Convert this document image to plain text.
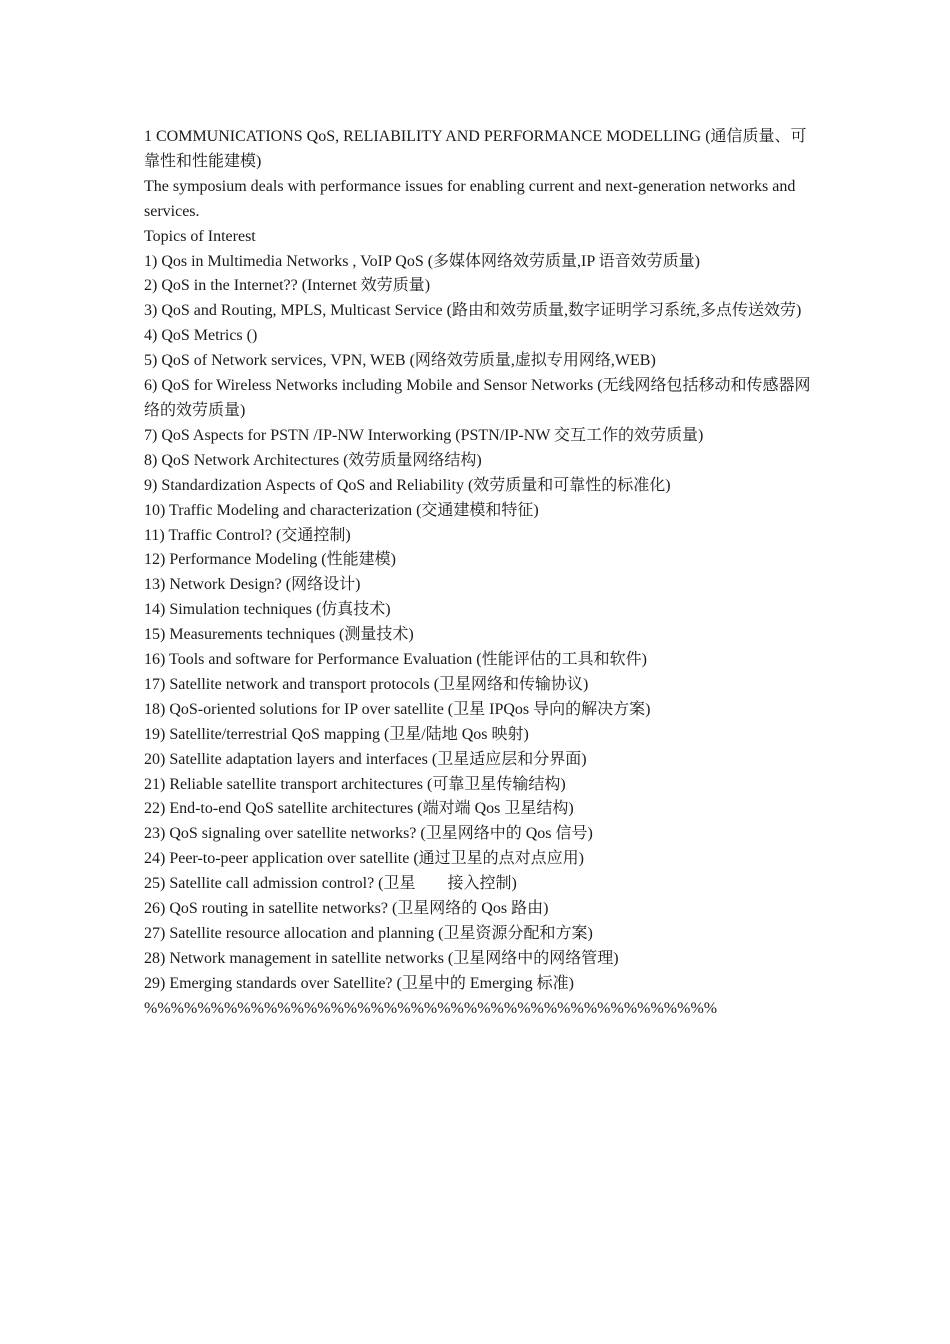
1 COMMUNICATIONS QoS, RELIABILITY AND PERFORMANCE MODELLING (通信质量、可靠性和性能建模)

The symposium deals with performance issues for enabling current and next-generation networks and services.

Topics of Interest

1) Qos in Multimedia Networks , VoIP QoS (多媒体网络效劳质量,IP 语音效劳质量)
2) QoS in the Internet?? (Internet 效劳质量)
3) QoS and Routing, MPLS, Multicast Service (路由和效劳质量,数字证明学习系统,多点传送效劳)
4) QoS Metrics ()
5) QoS of Network services, VPN, WEB (网络效劳质量,虚拟专用网络,WEB)
6) QoS for Wireless Networks including Mobile and Sensor Networks (无线网络包括移动和传感器网络的效劳质量)
7) QoS Aspects for PSTN /IP-NW Interworking (PSTN/IP-NW 交互工作的效劳质量)
8) QoS Network Architectures (效劳质量网络结构)
9) Standardization Aspects of QoS and Reliability (效劳质量和可靠性的标准化)
10) Traffic Modeling and characterization (交通建模和特征)
11) Traffic Control? (交通控制)
12) Performance Modeling (性能建模)
13) Network Design? (网络设计)
14) Simulation techniques (仿真技术)
15) Measurements techniques (测量技术)
16) Tools and software for Performance Evaluation (性能评估的工具和软件)
17) Satellite network and transport protocols (卫星网络和传输协议)
18) QoS-oriented solutions for IP over satellite (卫星 IPQos 导向的解决方案)
19) Satellite/terrestrial QoS mapping (卫星/陆地 Qos 映射)
20) Satellite adaptation layers and interfaces (卫星适应层和分界面)
21) Reliable satellite transport architectures (可靠卫星传输结构)
22) End-to-end QoS satellite architectures (端对端 Qos 卫星结构)
23) QoS signaling over satellite networks? (卫星网络中的 Qos 信号)
24) Peer-to-peer application over satellite (通过卫星的点对点应用)
25) Satellite call admission control? (卫星　　接入控制)
26) QoS routing in satellite networks? (卫星网络的 Qos 路由)
27) Satellite resource allocation and planning (卫星资源分配和方案)
28) Network management in satellite networks (卫星网络中的网络管理)
29) Emerging standards over Satellite? (卫星中的 Emerging 标准)

%%%%%%%%%%%%%%%%%%%%%%%%%%%%%%%%%%%%%%%%%%%
